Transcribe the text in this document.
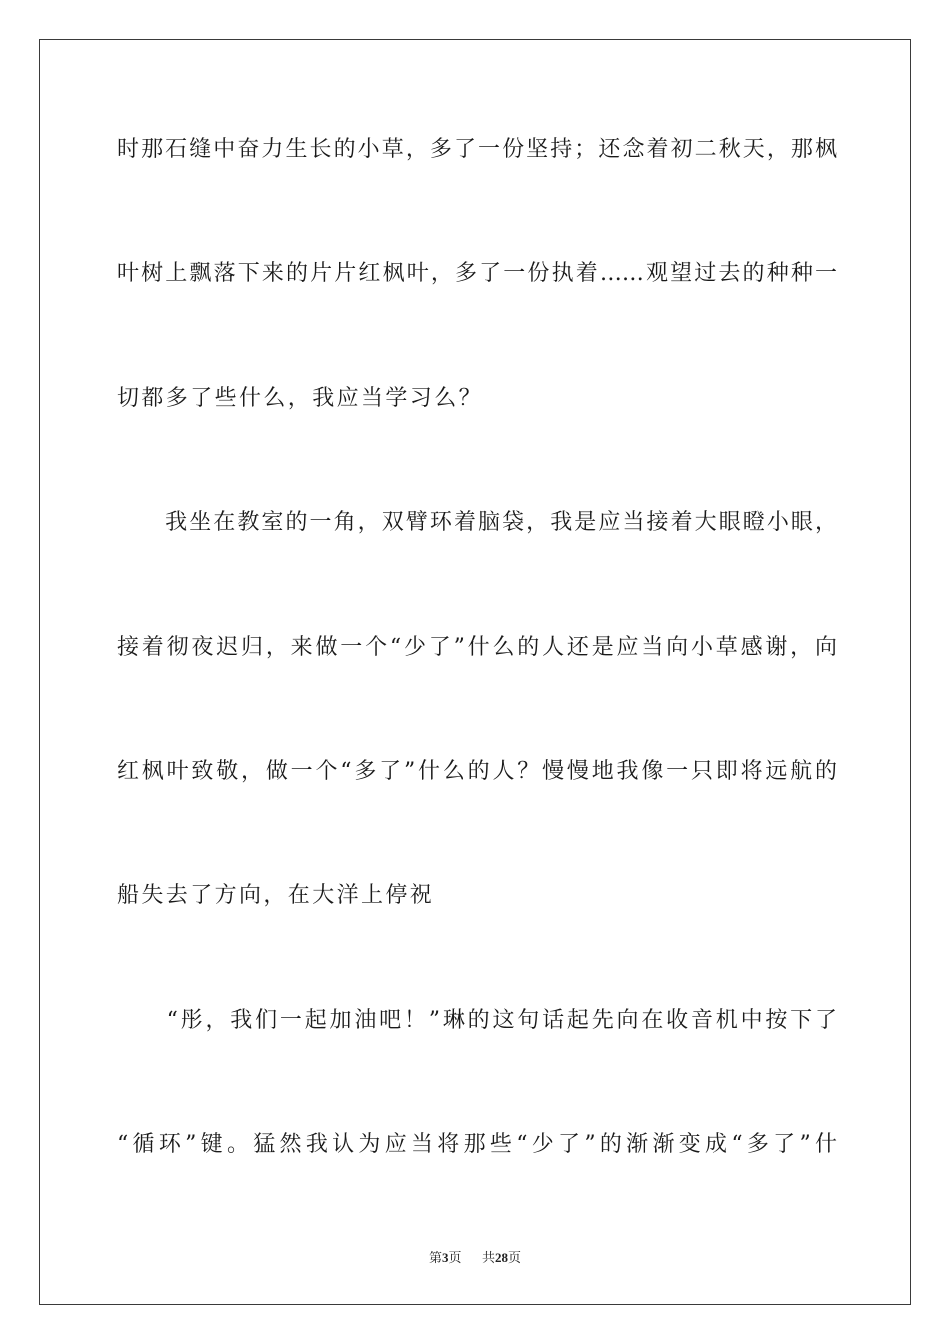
时那石缝中奋力生长的小草，多了一份坚持；还念着初二秋天，那枫
叶树上飘落下来的片片红枫叶，多了一份执着……观望过去的种种一
切都多了些什么，我应当学习么？
　　我坐在教室的一角，双臂环着脑袋，我是应当接着大眼瞪小眼，
接着彻夜迟归，来做一个“少了”什么的人还是应当向小草感谢，向
红枫叶致敬，做一个“多了”什么的人？慢慢地我像一只即将远航的
船失去了方向，在大洋上停祝
　　“彤，我们一起加油吧！”琳的这句话起先向在收音机中按下了
“循环”键。猛然我认为应当将那些“少了”的渐渐变成“多了”什
第3页 共28页
